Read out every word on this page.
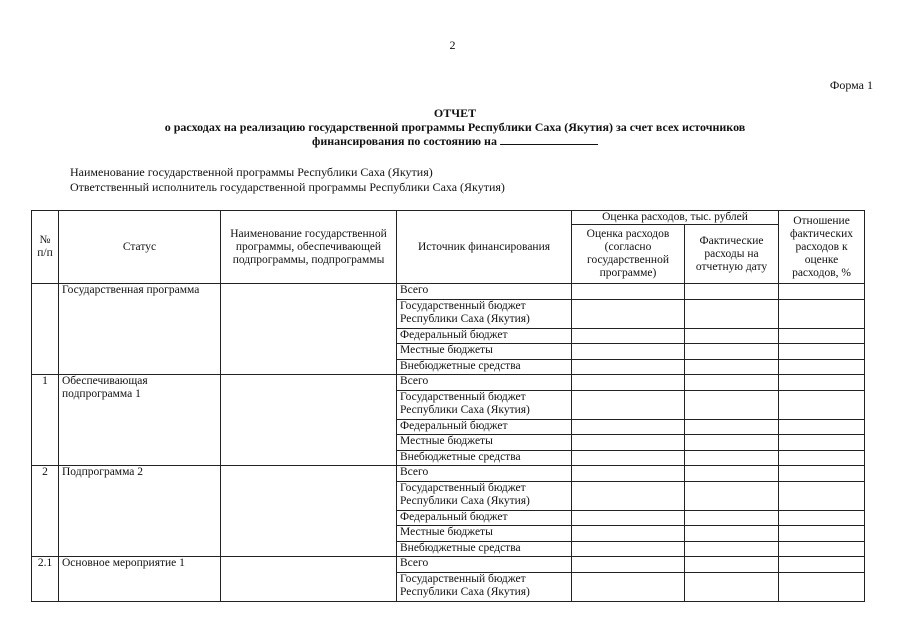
2
Форма 1
ОТЧЕТ
о расходах на реализацию государственной программы Республики Саха (Якутия) за счет всех источников
финансирования по состоянию на
Наименование государственной программы Республики Саха (Якутия)
Ответственный исполнитель государственной программы Республики Саха (Якутия)
№ п/п	Статус	Наименование государственной программы, обеспечивающей подпрограммы, подпрограммы	Источник финансирования	Оценка расходов, тыс. рублей		Отношение фактических расходов к оценке расходов, %
				Оценка расходов (согласно государственной программе)	Фактические расходы на отчетную дату	
	Государственная программа		Всего			
			Государственный бюджет Республики Саха (Якутия)			
			Федеральный бюджет			
			Местные бюджеты			
			Внебюджетные средства			
1	Обеспечивающая подпрограмма 1		Всего			
			Государственный бюджет Республики Саха (Якутия)			
			Федеральный бюджет			
			Местные бюджеты			
			Внебюджетные средства			
2	Подпрограмма 2		Всего			
			Государственный бюджет Республики Саха (Якутия)			
			Федеральный бюджет			
			Местные бюджеты			
			Внебюджетные средства			
2.1	Основное мероприятие 1		Всего			
			Государственный бюджет Республики Саха (Якутия)			
